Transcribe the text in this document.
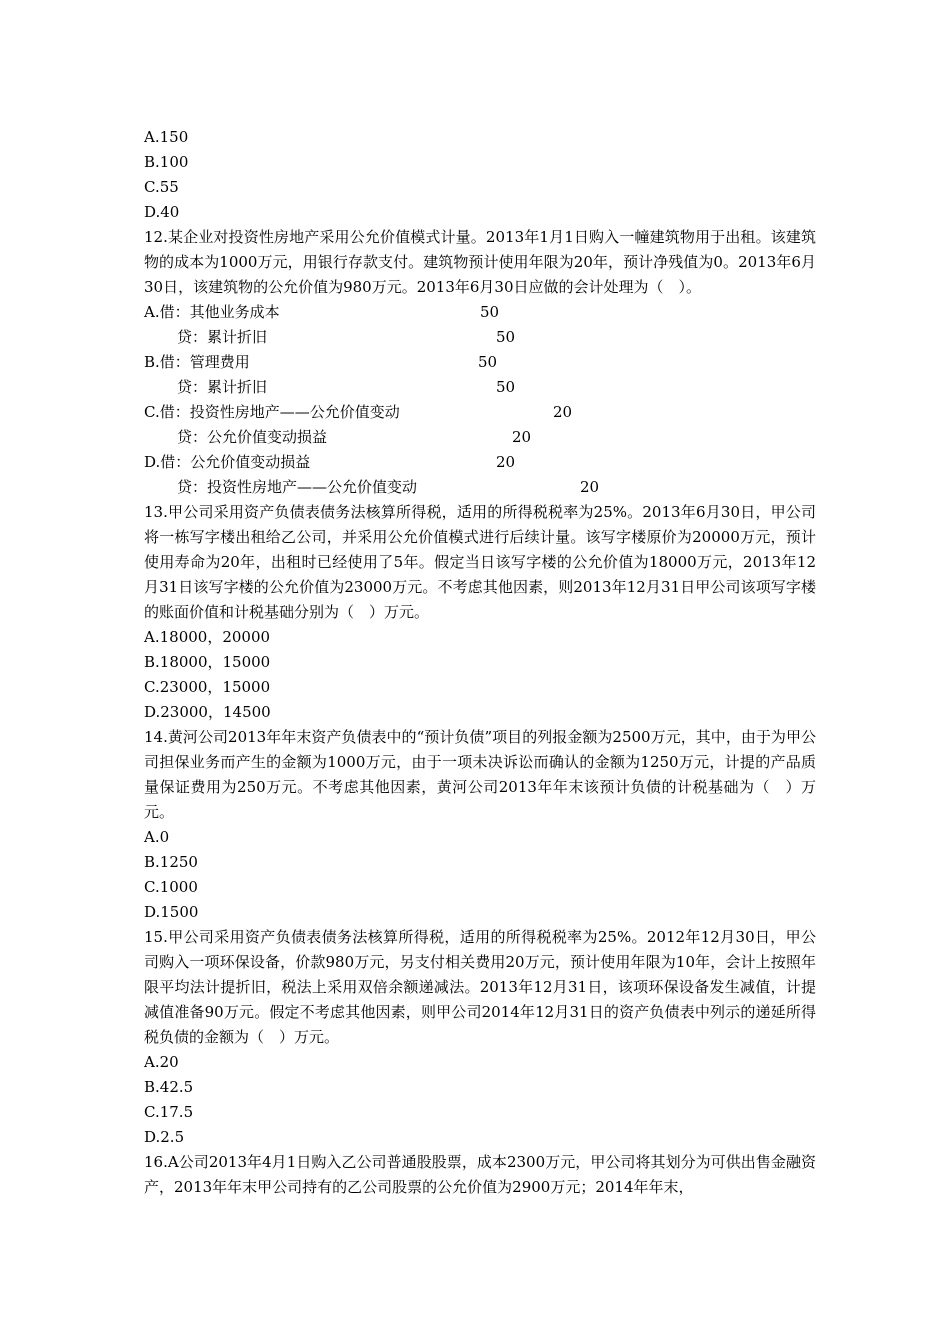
A.150
B.100
C.55
D.40
12.某企业对投资性房地产采用公允价值模式计量。2013年1月1日购入一幢建筑物用于出租。该建筑物的成本为1000万元，用银行存款支付。建筑物预计使用年限为20年，预计净残值为0。2013年6月30日，该建筑物的公允价值为980万元。2013年6月30日应做的会计处理为（　）。
A.借：其他业务成本	50
贷：累计折旧	50
B.借：管理费用	50
贷：累计折旧	50
C.借：投资性房地产——公允价值变动	20
贷：公允价值变动损益	20
D.借：公允价值变动损益	20
贷：投资性房地产——公允价值变动	20
13.甲公司采用资产负债表债务法核算所得税，适用的所得税税率为25%。2013年6月30日，甲公司将一栋写字楼出租给乙公司，并采用公允价值模式进行后续计量。该写字楼原价为20000万元，预计使用寿命为20年，出租时已经使用了5年。假定当日该写字楼的公允价值为18000万元，2013年12月31日该写字楼的公允价值为23000万元。不考虑其他因素，则2013年12月31日甲公司该项写字楼的账面价值和计税基础分别为（　）万元。
A.18000，20000
B.18000，15000
C.23000，15000
D.23000，14500
14.黄河公司2013年年末资产负债表中的“预计负债”项目的列报金额为2500万元，其中，由于为甲公司担保业务而产生的金额为1000万元，由于一项未决诉讼而确认的金额为1250万元，计提的产品质量保证费用为250万元。不考虑其他因素，黄河公司2013年年末该预计负债的计税基础为（　）万元。
A.0
B.1250
C.1000
D.1500
15.甲公司采用资产负债表债务法核算所得税，适用的所得税税率为25%。2012年12月30日，甲公司购入一项环保设备，价款980万元，另支付相关费用20万元，预计使用年限为10年，会计上按照年限平均法计提折旧，税法上采用双倍余额递减法。2013年12月31日，该项环保设备发生减值，计提减值准备90万元。假定不考虑其他因素，则甲公司2014年12月31日的资产负债表中列示的递延所得税负债的金额为（　）万元。
A.20
B.42.5
C.17.5
D.2.5
16.A公司2013年4月1日购入乙公司普通股股票，成本2300万元，甲公司将其划分为可供出售金融资产，2013年年末甲公司持有的乙公司股票的公允价值为2900万元；2014年年末，
